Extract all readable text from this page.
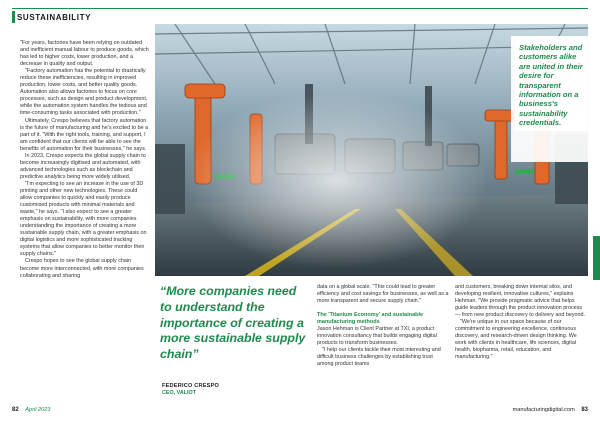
SUSTAINABILITY
Stakeholders and customers alike are united in their desire for transparent information on a business's sustainability credentials.

"For years, factories have been relying on outdated and inefficient manual labour to produce goods, which has led to higher costs, lower production, and a decrease in quality and output.

"Factory automation has the potential to drastically reduce these inefficiencies, resulting in improved production, lower costs, and better quality goods. Automation also allows factories to focus on core processes, such as design and product development, while the automation system handles the tedious and time-consuming tasks associated with production."

Ultimately, Crespo believes that factory automation is the future of manufacturing and he's excited to be a part of it. "With the right tools, training, and support, I am confident that our clients will be able to see the benefits of automation for their businesses," he says.

In 2023, Crespo expects the global supply chain to become increasingly digitised and automated, with advanced technologies such as blockchain and predictive analytics being more widely utilised.

"I'm expecting to see an increase in the use of 3D printing and other new technologies. These could allow companies to quickly and easily produce customised products with minimal materials and waste," he says. "I also expect to see a greater emphasis on sustainability, with more companies understanding the importance of creating a more sustainable supply chain, with a greater emphasis on digital logistics and more sophisticated tracking systems that allow companies to better monitor their supply chains."

Crespo hopes to see the global supply chain become more interconnected, with more companies collaborating and sharing

“More companies need to understand the importance of creating a more sustainable supply chain”
FEDERICO CRESPO
CEO, VALIOT

data on a global scale. "This could lead to greater efficiency and cost savings for businesses, as well as a more transparent and secure supply chain."

The 'Titanium Economy' and sustainable manufacturing methods

Jason Hehman is Client Partner at TXI, a product innovation consultancy that builds engaging digital products to transform businesses.

"I help our clients tackle their most interesting and difficult business challenges by establishing trust among product teams

and customers, breaking down internal silos, and developing resilient, innovative cultures," explains Hehman. "We provide pragmatic advice that helps guide leaders through the product innovation process — from new product discovery to delivery and beyond.

"We're unique in our space because of our commitment to engineering excellence, continuous discovery, and research-driven design thinking. We work with clients in healthcare, life sciences, digital health, biopharma, retail, education, and manufacturing."

82 April 2023	manufacturingdigital.com 83
